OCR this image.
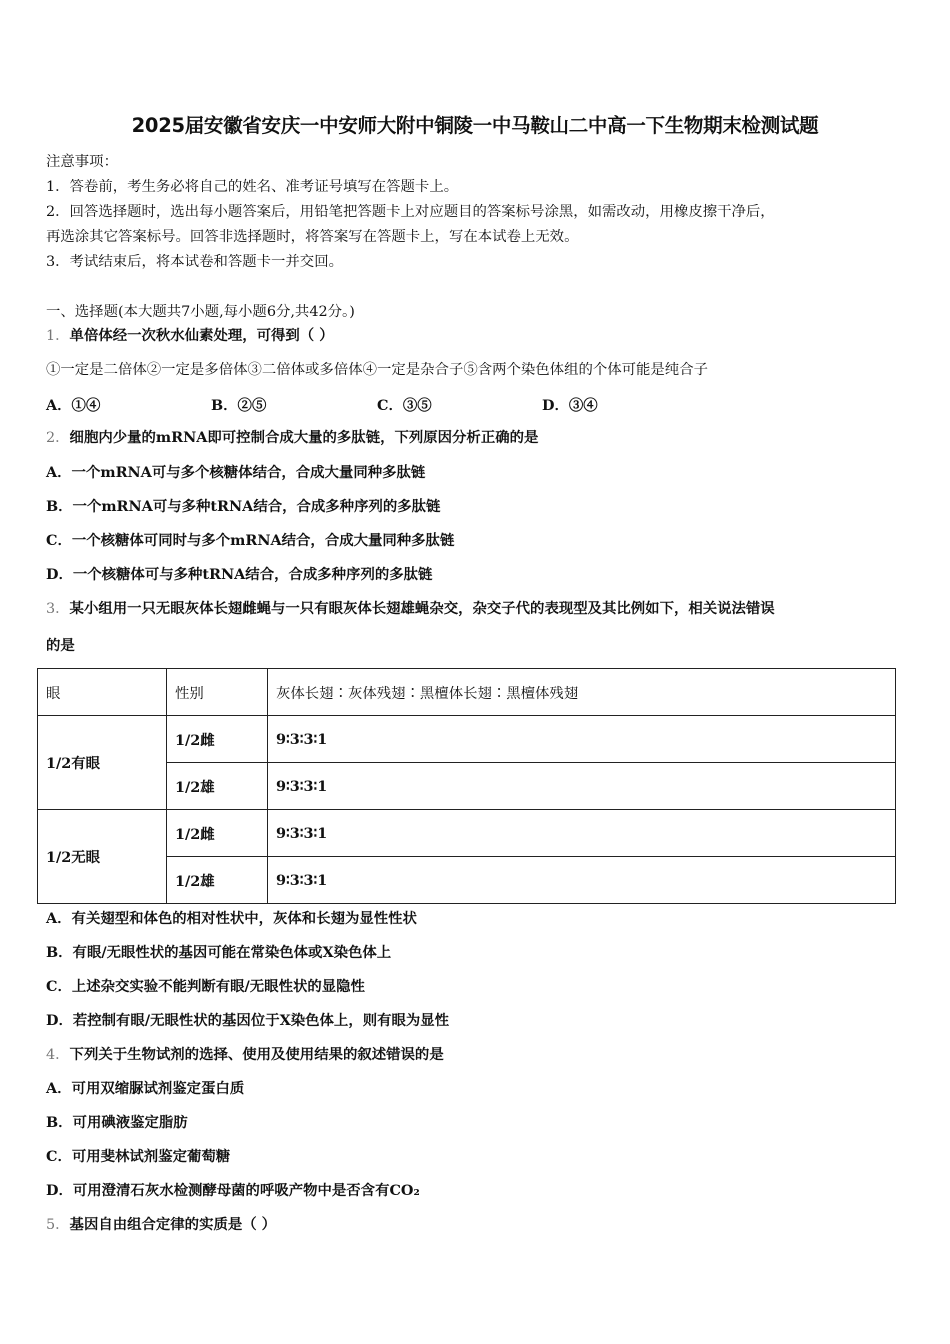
2025届安徽省安庆一中安师大附中铜陵一中马鞍山二中高一下生物期末检测试题
注意事项：
1．答卷前，考生务必将自己的姓名、准考证号填写在答题卡上。
2．回答选择题时，选出每小题答案后，用铅笔把答题卡上对应题目的答案标号涂黑，如需改动，用橡皮擦干净后，
再选涂其它答案标号。回答非选择题时，将答案写在答题卡上，写在本试卷上无效。
3．考试结束后，将本试卷和答题卡一并交回。
一、选择题(本大题共7小题,每小题6分,共42分。)
1．单倍体经一次秋水仙素处理，可得到（ ）
①一定是二倍体②一定是多倍体③二倍体或多倍体④一定是杂合子⑤含两个染色体组的个体可能是纯合子
A．①④	B．②⑤	C．③⑤	D．③④
2．细胞内少量的mRNA即可控制合成大量的多肽链，下列原因分析正确的是
A．一个mRNA可与多个核糖体结合，合成大量同种多肽链
B．一个mRNA可与多种tRNA结合，合成多种序列的多肽链
C．一个核糖体可同时与多个mRNA结合，合成大量同种多肽链
D．一个核糖体可与多种tRNA结合，合成多种序列的多肽链
3．某小组用一只无眼灰体长翅雌蝇与一只有眼灰体长翅雄蝇杂交，杂交子代的表现型及其比例如下，相关说法错误
的是
眼	性别	灰体长翅∶灰体残翅∶黑檀体长翅∶黑檀体残翅
1/2有眼	1/2雌	9∶3∶3∶1
	1/2雄	9∶3∶3∶1
1/2无眼	1/2雌	9∶3∶3∶1
	1/2雄	9∶3∶3∶1
A．有关翅型和体色的相对性状中，灰体和长翅为显性性状
B．有眼/无眼性状的基因可能在常染色体或X染色体上
C．上述杂交实验不能判断有眼/无眼性状的显隐性
D．若控制有眼/无眼性状的基因位于X染色体上，则有眼为显性
4．下列关于生物试剂的选择、使用及使用结果的叙述错误的是
A．可用双缩脲试剂鉴定蛋白质
B．可用碘液鉴定脂肪
C．可用斐林试剂鉴定葡萄糖
D．可用澄清石灰水检测酵母菌的呼吸产物中是否含有CO₂
5．基因自由组合定律的实质是（ ）
